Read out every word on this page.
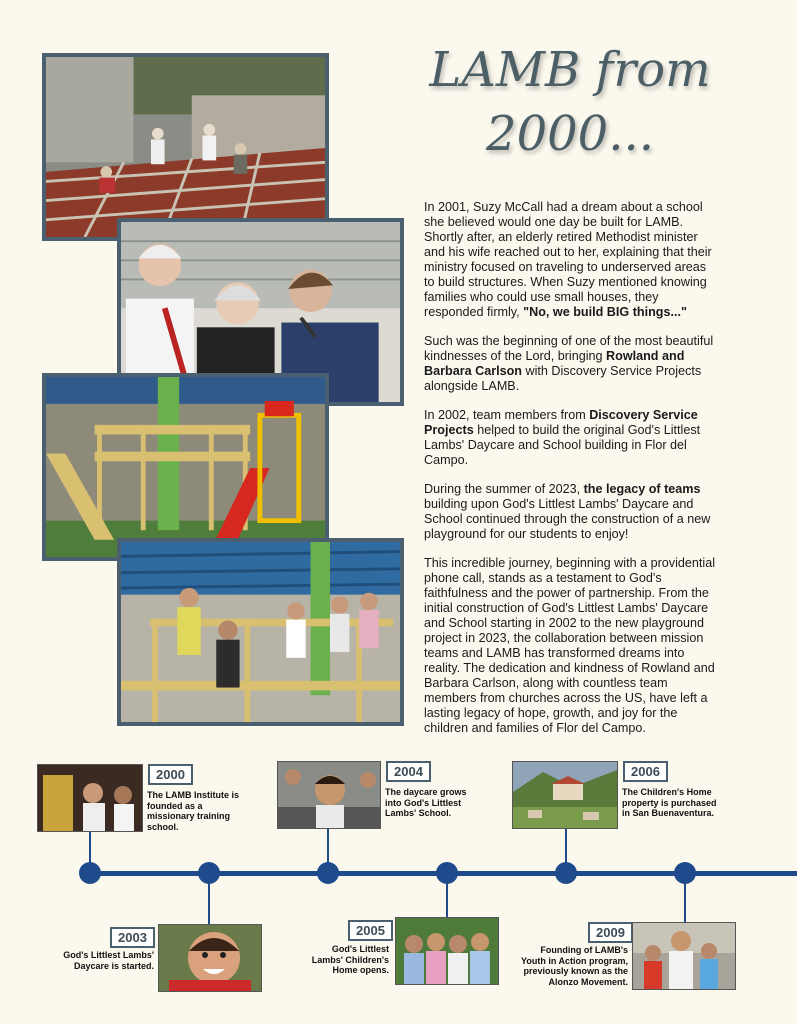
LAMB from 2000...

In 2001, Suzy McCall had a dream about a school she believed would one day be built for LAMB. Shortly after, an elderly retired Methodist minister and his wife reached out to her, explaining that their ministry focused on traveling to underserved areas to build structures. When Suzy mentioned knowing families who could use small houses, they responded firmly, "No, we build BIG things..."

Such was the beginning of one of the most beautiful kindnesses of the Lord, bringing Rowland and Barbara Carlson with Discovery Service Projects alongside LAMB.

In 2002, team members from Discovery Service Projects helped to build the original God's Littlest Lambs' Daycare and School building in Flor del Campo.

During the summer of 2023, the legacy of teams building upon God's Littlest Lambs' Daycare and School continued through the construction of a new playground for our students to enjoy!

This incredible journey, beginning with a providential phone call, stands as a testament to God's faithfulness and the power of partnership. From the initial construction of God's Littlest Lambs' Daycare and School starting in 2002 to the new playground project in 2023, the collaboration between mission teams and LAMB has transformed dreams into reality. The dedication and kindness of Rowland and Barbara Carlson, along with countless team members from churches across the US, have left a lasting legacy of hope, growth, and joy for the children and families of Flor del Campo.

2000
The LAMB Institute is founded as a missionary training school.
2003
God's Littlest Lambs' Daycare is started.
2004
The daycare grows into God's Littlest Lambs' School.
2005
God's Littlest Lambs' Children's Home opens.
2006
The Children's Home property is purchased in San Buenaventura.
2009
Founding of LAMB's Youth in Action program, previously known as the Alonzo Movement.
